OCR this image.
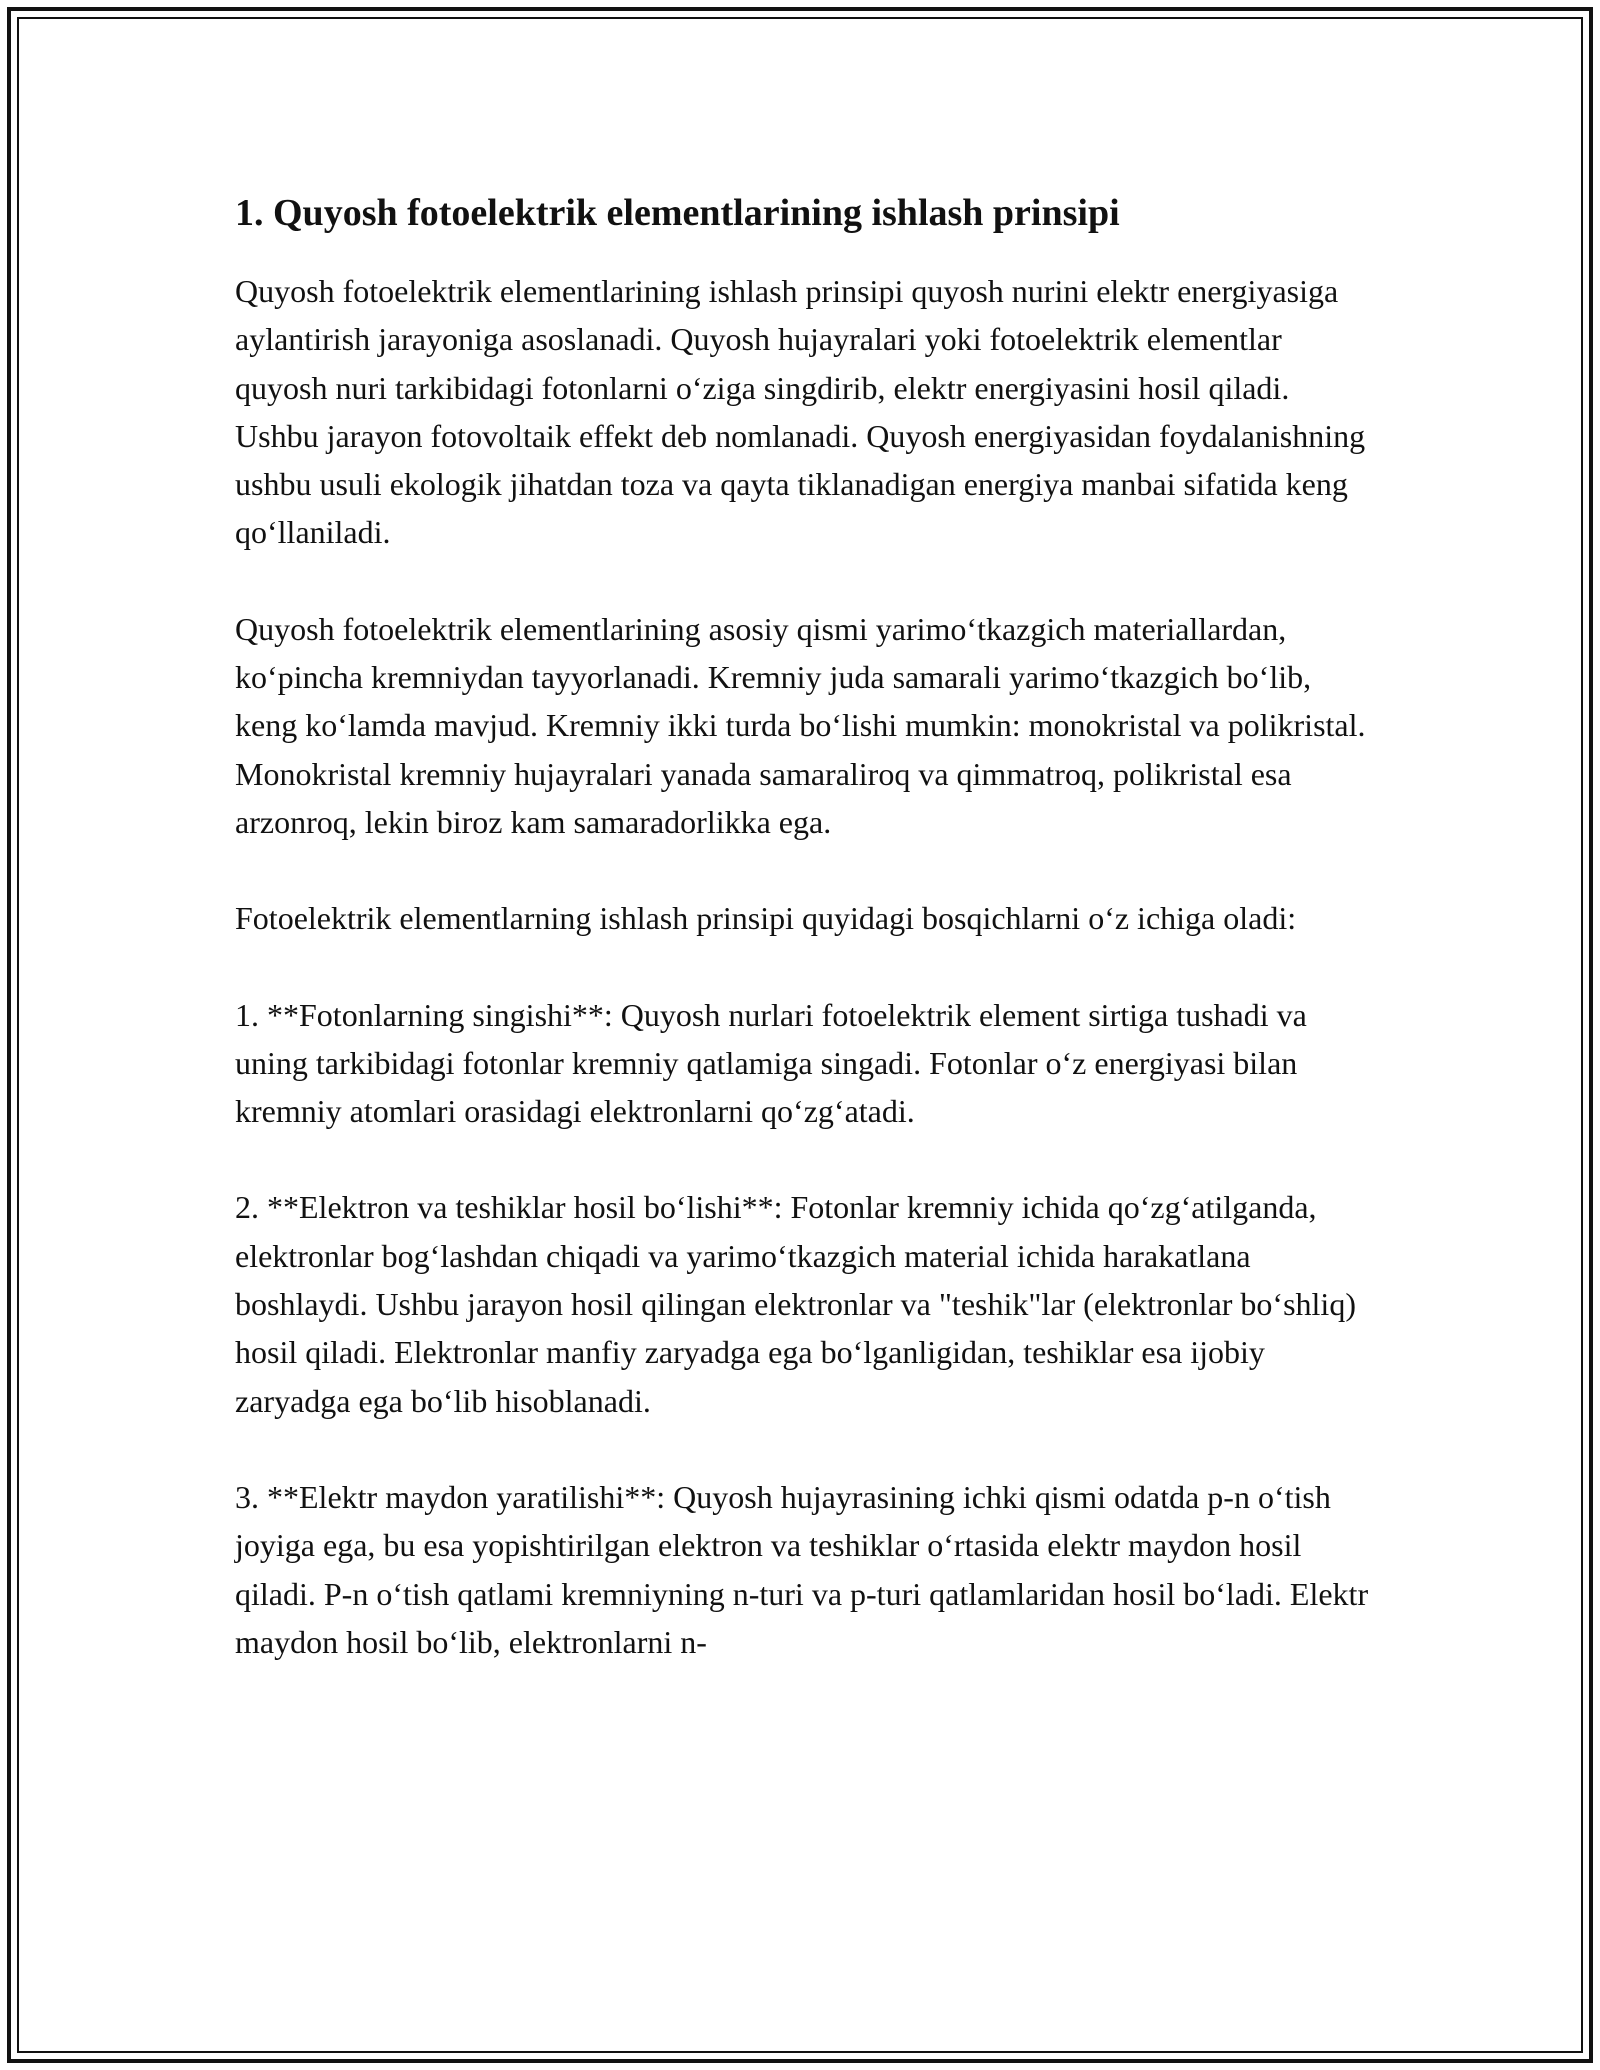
1. Quyosh fotoelektrik elementlarining ishlash prinsipi

Quyosh fotoelektrik elementlarining ishlash prinsipi quyosh nurini elektr energiyasiga aylantirish jarayoniga asoslanadi. Quyosh hujayralari yoki fotoelektrik elementlar quyosh nuri tarkibidagi fotonlarni o‘ziga singdirib, elektr energiyasini hosil qiladi. Ushbu jarayon fotovoltaik effekt deb nomlanadi. Quyosh energiyasidan foydalanishning ushbu usuli ekologik jihatdan toza va qayta tiklanadigan energiya manbai sifatida keng qo‘llaniladi.

Quyosh fotoelektrik elementlarining asosiy qismi yarimo‘tkazgich materiallardan, ko‘pincha kremniydan tayyorlanadi. Kremniy juda samarali yarimo‘tkazgich bo‘lib, keng ko‘lamda mavjud. Kremniy ikki turda bo‘lishi mumkin: monokristal va polikristal. Monokristal kremniy hujayralari yanada samaraliroq va qimmatroq, polikristal esa arzonroq, lekin biroz kam samaradorlikka ega.

Fotoelektrik elementlarning ishlash prinsipi quyidagi bosqichlarni o‘z ichiga oladi:

1. **Fotonlarning singishi**: Quyosh nurlari fotoelektrik element sirtiga tushadi va uning tarkibidagi fotonlar kremniy qatlamiga singadi. Fotonlar o‘z energiyasi bilan kremniy atomlari orasidagi elektronlarni qo‘zg‘atadi.

2. **Elektron va teshiklar hosil bo‘lishi**: Fotonlar kremniy ichida qo‘zg‘atilganda, elektronlar bog‘lashdan chiqadi va yarimo‘tkazgich material ichida harakatlana boshlaydi. Ushbu jarayon hosil qilingan elektronlar va "teshik"lar (elektronlar bo‘shliq) hosil qiladi. Elektronlar manfiy zaryadga ega bo‘lganligidan, teshiklar esa ijobiy zaryadga ega bo‘lib hisoblanadi.

3. **Elektr maydon yaratilishi**: Quyosh hujayrasining ichki qismi odatda p-n o‘tish joyiga ega, bu esa yopishtirilgan elektron va teshiklar o‘rtasida elektr maydon hosil qiladi. P-n o‘tish qatlami kremniyning n-turi va p-turi qatlamlaridan hosil bo‘ladi. Elektr maydon hosil bo‘lib, elektronlarni n-
